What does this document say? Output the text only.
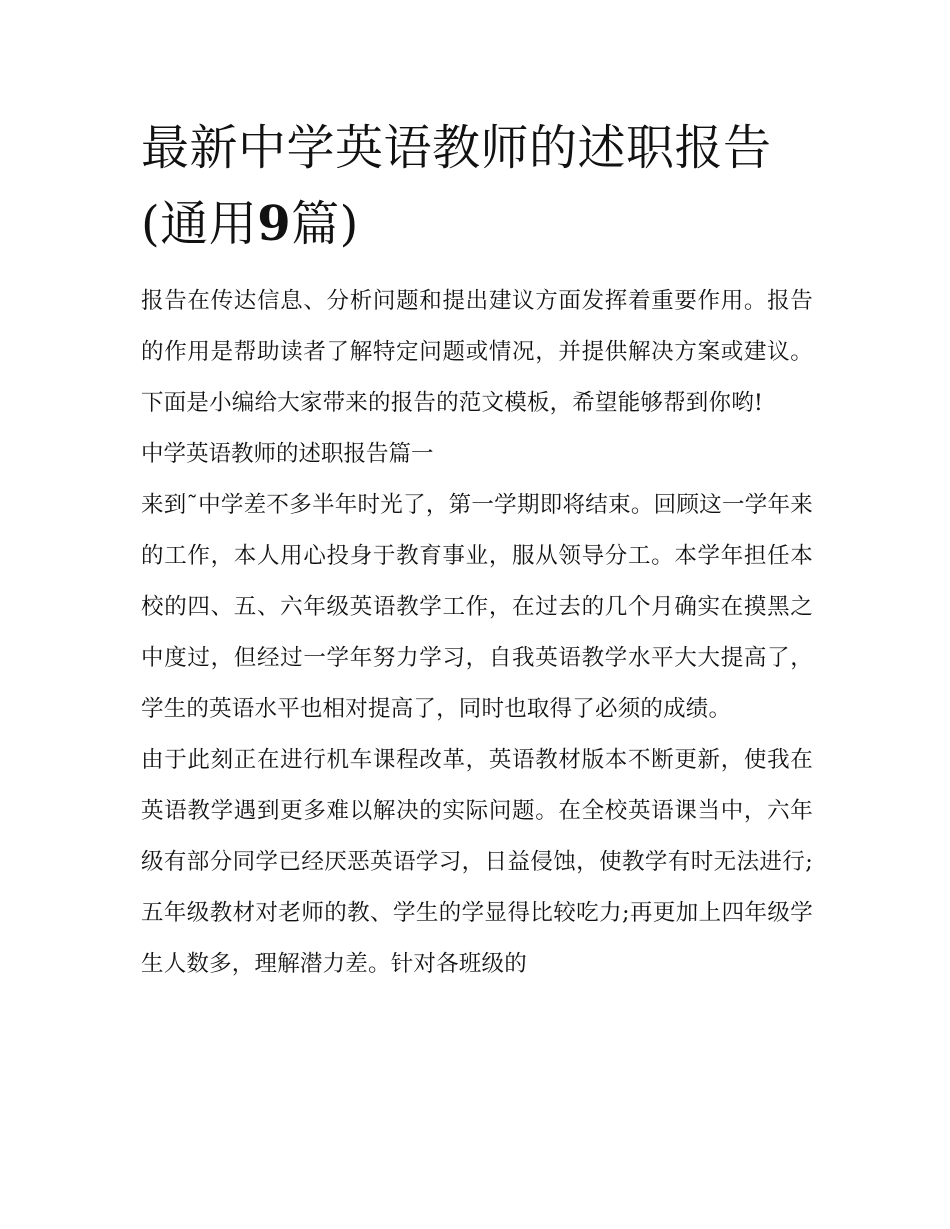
最新中学英语教师的述职报告
(通用9篇)

报告在传达信息、分析问题和提出建议方面发挥着重要作用。报告的作用是帮助读者了解特定问题或情况，并提供解决方案或建议。下面是小编给大家带来的报告的范文模板，希望能够帮到你哟!

中学英语教师的述职报告篇一

来到˜中学差不多半年时光了，第一学期即将结束。回顾这一学年来的工作，本人用心投身于教育事业，服从领导分工。本学年担任本校的四、五、六年级英语教学工作，在过去的几个月确实在摸黑之中度过，但经过一学年努力学习，自我英语教学水平大大提高了，学生的英语水平也相对提高了，同时也取得了必须的成绩。

由于此刻正在进行机车课程改革，英语教材版本不断更新，使我在英语教学遇到更多难以解决的实际问题。在全校英语课当中，六年级有部分同学已经厌恶英语学习，日益侵蚀，使教学有时无法进行;五年级教材对老师的教、学生的学显得比较吃力;再更加上四年级学生人数多，理解潜力差。针对各班级的
